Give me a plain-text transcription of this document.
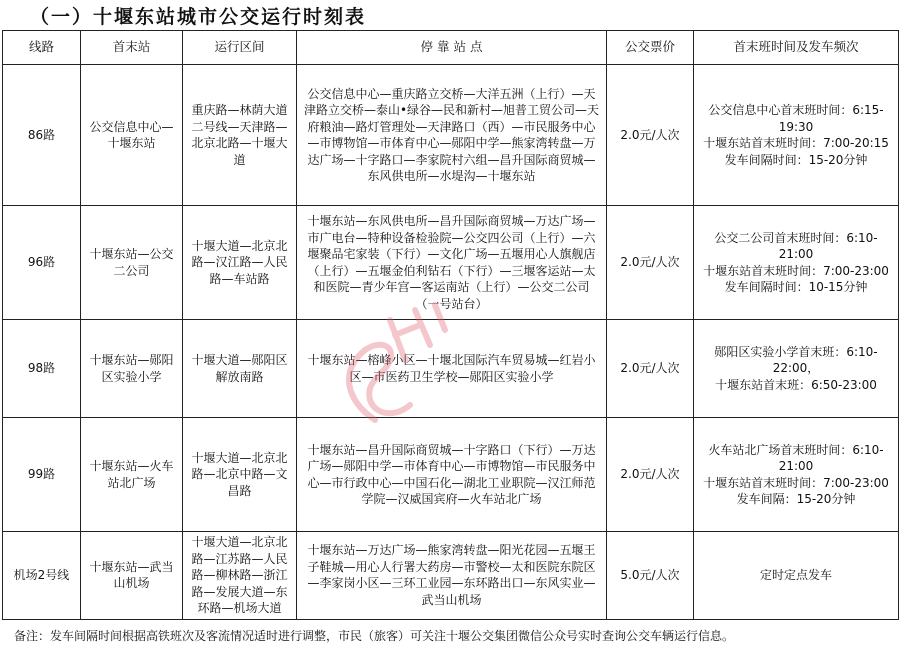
（一）十堰东站城市公交运行时刻表
线路	首末站	运行区间	停 靠 站 点	公交票价	首末班时间及发车频次
86路	公交信息中心—十堰东站	重庆路—林荫大道二号线—天津路—北京北路—十堰大道	公交信息中心—重庆路立交桥—大洋五洲（上行）—天津路立交桥—泰山•绿谷—民和新村—旭普工贸公司—天府粮油—路灯管理处—天津路口（西）—市民服务中心—市博物馆—市体育中心—郧阳中学—熊家湾转盘—万达广场—十字路口—李家院村六组—昌升国际商贸城—东风供电所—水堤沟—十堰东站	2.0元/人次	公交信息中心首末班时间：6:15-19:30
十堰东站首末班时间：7:00-20:15
发车间隔时间：15-20分钟

96路	十堰东站—公交二公司	十堰大道—北京北路—汉江路—人民路—车站路	十堰东站—东风供电所—昌升国际商贸城—万达广场—市广电台—特种设备检验院—公交四公司（上行）—六堰聚品宅家装（下行）—文化广场—五堰用心人旗舰店（上行）—五堰金伯利钻石（下行）—三堰客运站—太和医院—青少年宫—客运南站（上行）—公交二公司（一号站台）	2.0元/人次	公交二公司首末班时间：6:10-21:00
十堰东站首末班时间：7:00-23:00
发车间隔时间：10-15分钟

98路	十堰东站—郧阳区实验小学	十堰大道—郧阳区解放南路	十堰东站—榕峰小区—十堰北国际汽车贸易城—红岩小区—市医药卫生学校—郧阳区实验小学	2.0元/人次	郧阳区实验小学首末班：6:10-22:00，
十堰东站首末班：6:50-23:00

99路	十堰东站—火车站北广场	十堰大道—北京北路—北京中路—文昌路	十堰东站—昌升国际商贸城—十字路口（下行）—万达广场—郧阳中学—市体育中心—市博物馆—市民服务中心—市行政中心—中国石化—湖北工业职院—汉江师范学院—汉威国宾府—火车站北广场	2.0元/人次	火车站北广场首末班时间：6:10-21:00
十堰东站首末班时间：7:00-23:00
发车间隔：15-20分钟

机场2号线	十堰东站—武当山机场	十堰大道—北京北路—江苏路—人民路—柳林路—浙江路—发展大道—东环路—机场大道	十堰东站—万达广场—熊家湾转盘—阳光花园—五堰王子鞋城—用心人行署大药房—市警校—太和医院东院区—李家岗小区—三环工业园—东环路出口—东风实业—武当山机场	5.0元/人次	定时定点发车
备注：发车间隔时间根据高铁班次及客流情况适时进行调整，市民（旅客）可关注十堰公交集团微信公众号实时查询公交车辆运行信息。
